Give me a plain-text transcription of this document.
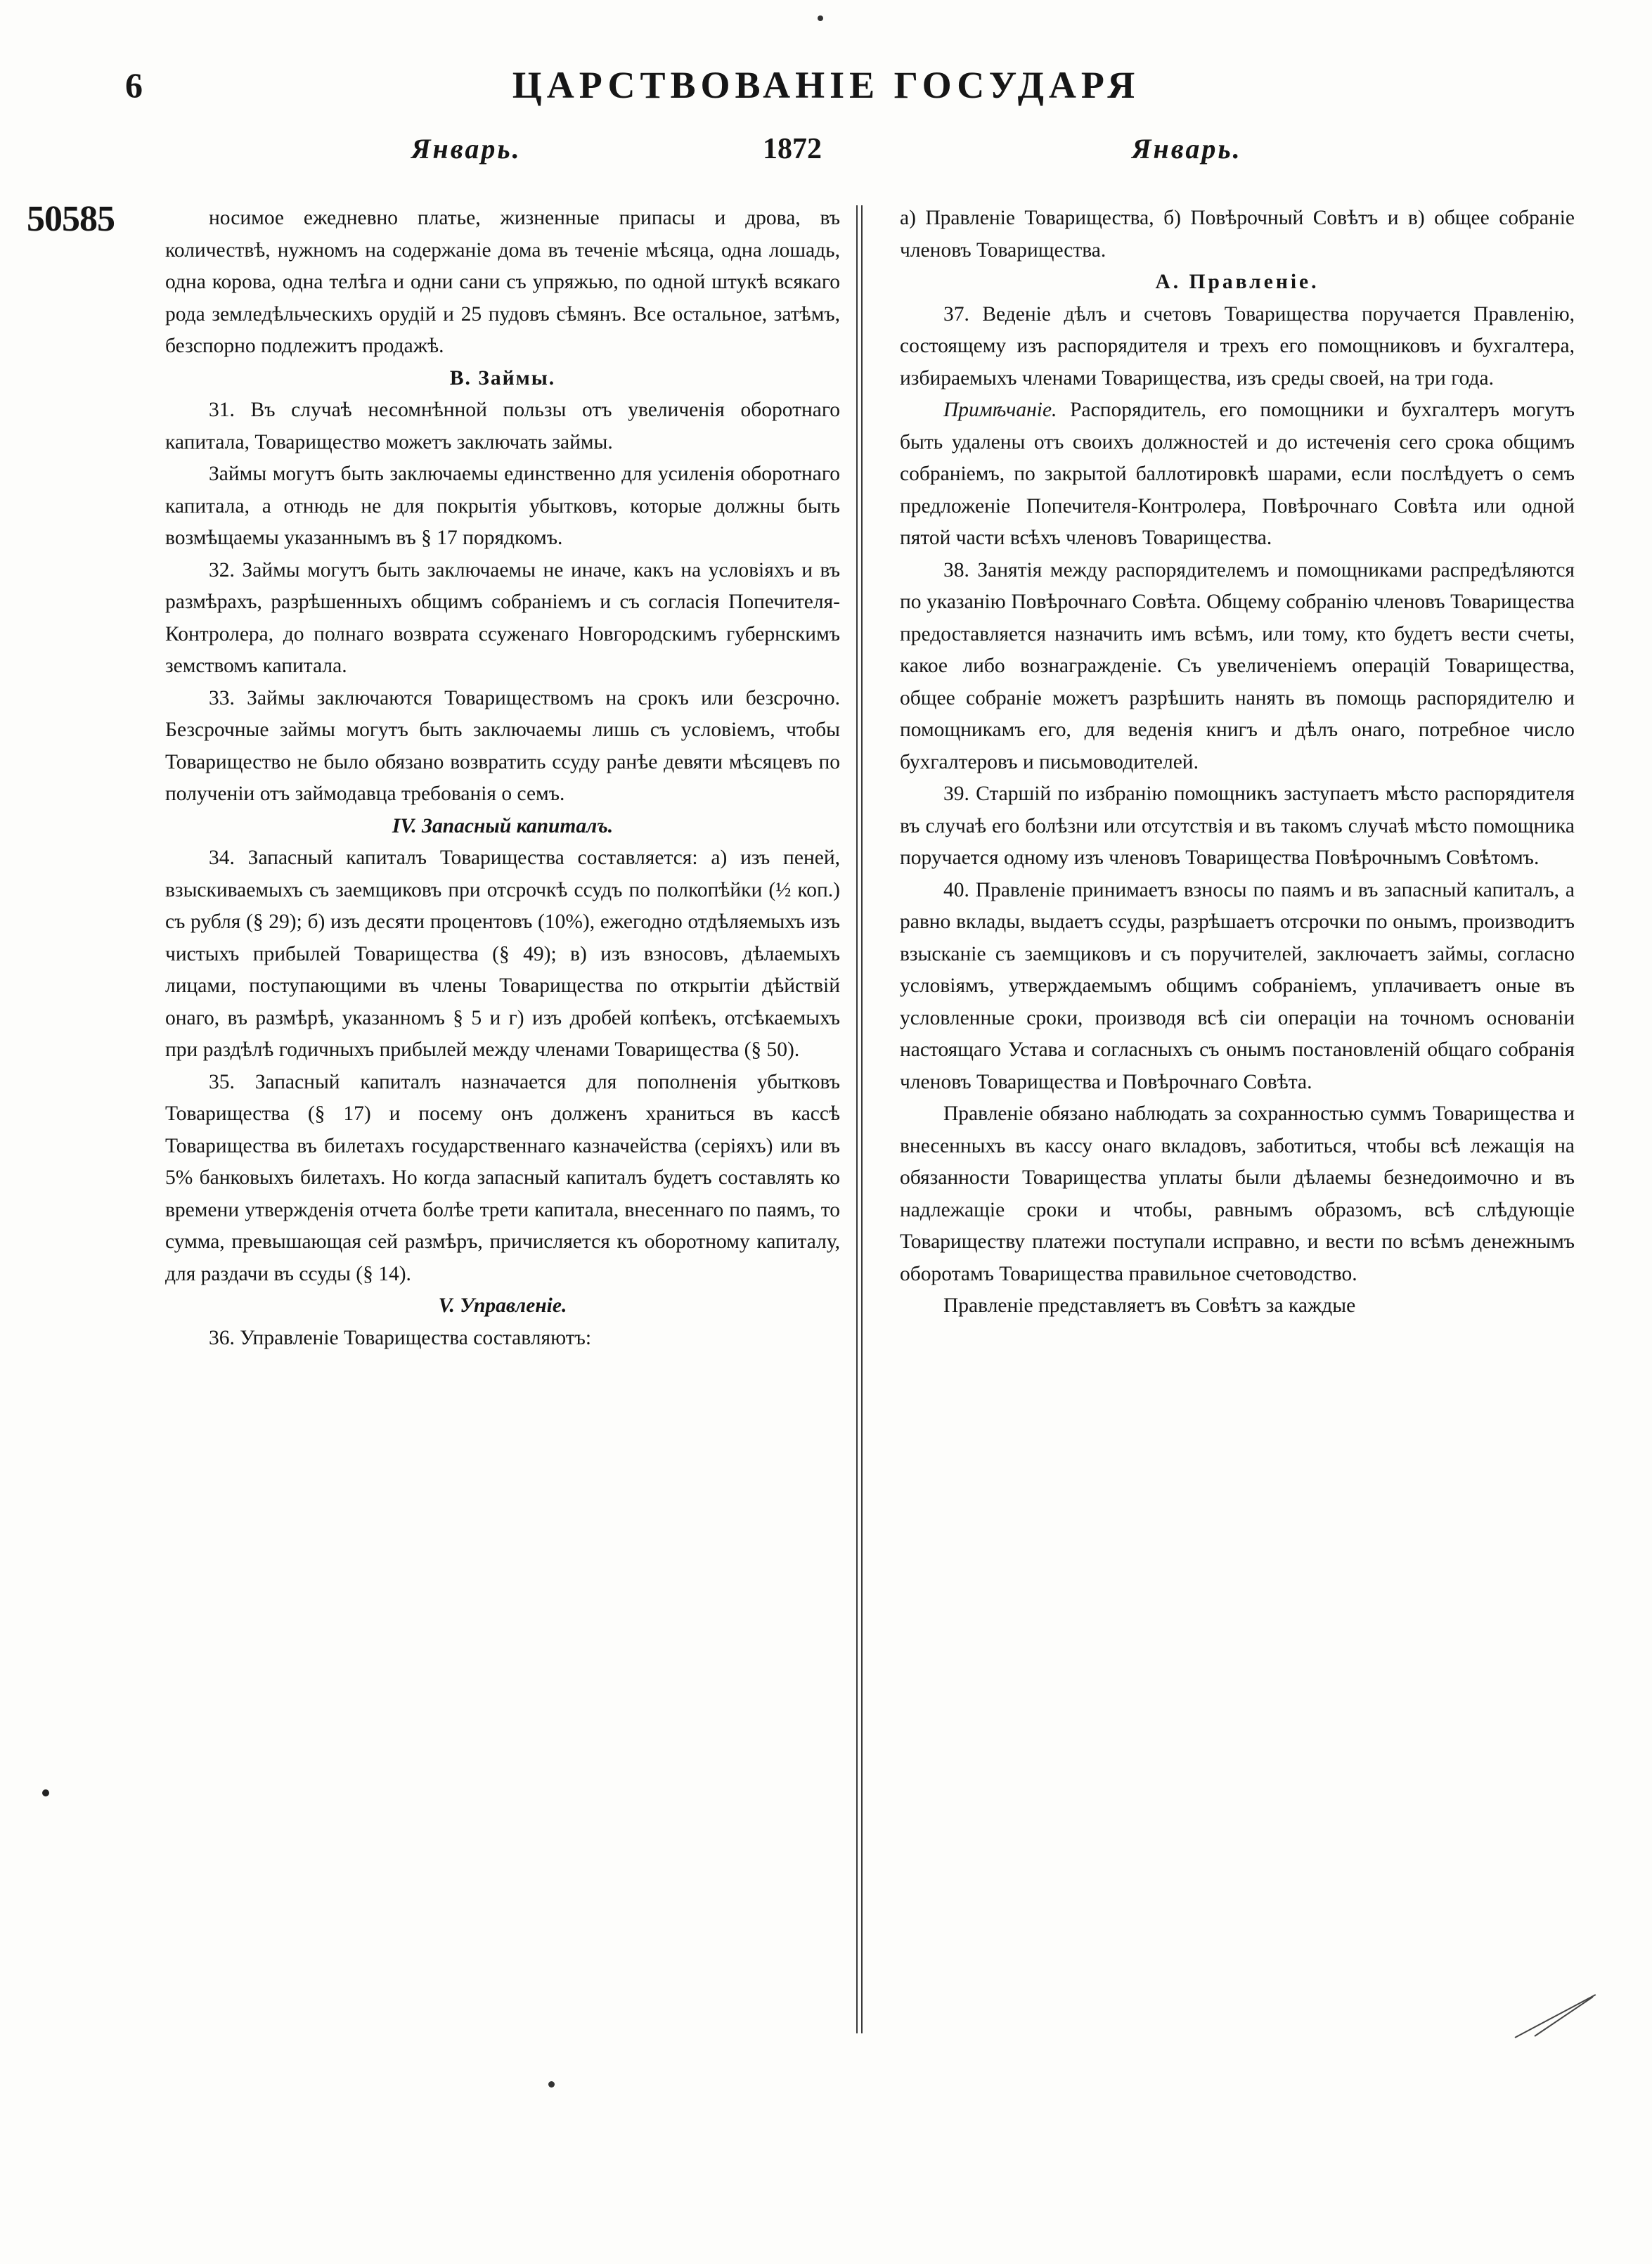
6	ЦАРСТВОВАНІЕ ГОСУДАРЯ
Январь.	1872	Январь.
50585	носимое ежедневно платье, жизненные припасы и дрова, въ количествѣ, нужномъ на содержаніе дома въ теченіе мѣсяца, одна лошадь, одна корова, одна телѣга и одни сани съ упряжью, по одной штукѣ всякаго рода земледѣльческихъ орудій и 25 пудовъ сѣмянъ. Все остальное, затѣмъ, безспорно подлежитъ продажѣ.

В. Займы.

31. Въ случаѣ несомнѣнной пользы отъ увеличенія оборотнаго капитала, Товарищество можетъ заключать займы.

Займы могутъ быть заключаемы единственно для усиленія оборотнаго капитала, а отнюдь не для покрытія убытковъ, которые должны быть возмѣщаемы указаннымъ въ § 17 порядкомъ.

32. Займы могутъ быть заключаемы не иначе, какъ на условіяхъ и въ размѣрахъ, разрѣшенныхъ общимъ собраніемъ и съ согласія Попечителя-Контролера, до полнаго возврата ссуженаго Новгородскимъ губернскимъ земствомъ капитала.

33. Займы заключаются Товариществомъ на срокъ или безсрочно. Безсрочные займы могутъ быть заключаемы лишь съ условіемъ, чтобы Товарищество не было обязано возвратить ссуду ранѣе девяти мѣсяцевъ по полученіи отъ займодавца требованія о семъ.

IV. Запасный капиталъ.

34. Запасный капиталъ Товарищества составляется: а) изъ пеней, взыскиваемыхъ съ заемщиковъ при отсрочкѣ ссудъ по полкопѣйки (½ коп.) съ рубля (§ 29); б) изъ десяти процентовъ (10%), ежегодно отдѣляемыхъ изъ чистыхъ прибылей Товарищества (§ 49); в) изъ взносовъ, дѣлаемыхъ лицами, поступающими въ члены Товарищества по открытіи дѣйствій онаго, въ размѣрѣ, указанномъ § 5 и г) изъ дробей копѣекъ, отсѣкаемыхъ при раздѣлѣ годичныхъ прибылей между членами Товарищества (§ 50).

35. Запасный капиталъ назначается для пополненія убытковъ Товарищества (§ 17) и посему онъ долженъ храниться въ кассѣ Товарищества въ билетахъ государственнаго казначейства (серіяхъ) или въ 5% банковыхъ билетахъ. Но когда запасный капиталъ будетъ составлять ко времени утвержденія отчета болѣе трети капитала, внесеннаго по паямъ, то сумма, превышающая сей размѣръ, причисляется къ оборотному капиталу, для раздачи въ ссуды (§ 14).

V. Управленіе.

36. Управленіе Товарищества составляютъ:

а) Правленіе Товарищества, б) Повѣрочный Совѣтъ и в) общее собраніе членовъ Товарищества.

А. Правленіе.

37. Веденіе дѣлъ и счетовъ Товарищества поручается Правленію, состоящему изъ распорядителя и трехъ его помощниковъ и бухгалтера, избираемыхъ членами Товарищества, изъ среды своей, на три года.

Примѣчаніе. Распорядитель, его помощники и бухгалтеръ могутъ быть удалены отъ своихъ должностей и до истеченія сего срока общимъ собраніемъ, по закрытой баллотировкѣ шарами, если послѣдуетъ о семъ предложеніе Попечителя-Контролера, Повѣрочнаго Совѣта или одной пятой части всѣхъ членовъ Товарищества.

38. Занятія между распорядителемъ и помощниками распредѣляются по указанію Повѣрочнаго Совѣта. Общему собранію членовъ Товарищества предоставляется назначить имъ всѣмъ, или тому, кто будетъ вести счеты, какое либо вознагражденіе. Съ увеличеніемъ операцій Товарищества, общее собраніе можетъ разрѣшить нанять въ помощь распорядителю и помощникамъ его, для веденія книгъ и дѣлъ онаго, потребное число бухгалтеровъ и письмоводителей.

39. Старшій по избранію помощникъ заступаетъ мѣсто распорядителя въ случаѣ его болѣзни или отсутствія и въ такомъ случаѣ мѣсто помощника поручается одному изъ членовъ Товарищества Повѣрочнымъ Совѣтомъ.

40. Правленіе принимаетъ взносы по паямъ и въ запасный капиталъ, а равно вклады, выдаетъ ссуды, разрѣшаетъ отсрочки по онымъ, производитъ взысканіе съ заемщиковъ и съ поручителей, заключаетъ займы, согласно условіямъ, утверждаемымъ общимъ собраніемъ, уплачиваетъ оные въ условленные сроки, производя всѣ сіи операціи на точномъ основаніи настоящаго Устава и согласныхъ съ онымъ постановленій общаго собранія членовъ Товарищества и Повѣрочнаго Совѣта.

Правленіе обязано наблюдать за сохранностью суммъ Товарищества и внесенныхъ въ кассу онаго вкладовъ, заботиться, чтобы всѣ лежащія на обязанности Товарищества уплаты были дѣлаемы безнедоимочно и въ надлежащіе сроки и чтобы, равнымъ образомъ, всѣ слѣдующіе Товариществу платежи поступали исправно, и вести по всѣмъ денежнымъ оборотамъ Товарищества правильное счетоводство.

Правленіе представляетъ въ Совѣтъ за каждые
